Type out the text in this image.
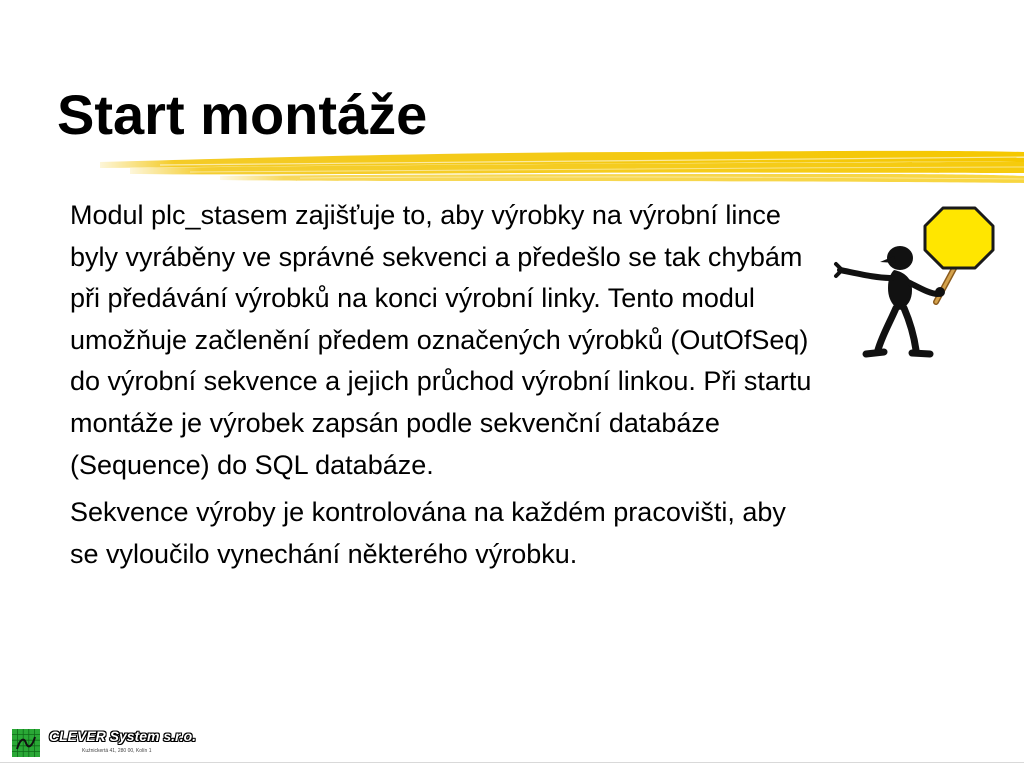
Start montáže

Modul plc_stasem zajišťuje to, aby výrobky na výrobní lince byly vyráběny ve správné sekvenci a předešlo se tak chybám při předávání výrobků na konci výrobní linky. Tento modul umožňuje začlenění předem označených výrobků (OutOfSeq) do výrobní sekvence a jejich průchod výrobní linkou. Při startu montáže je výrobek zapsán podle sekvenční databáze (Sequence) do SQL databáze.

Sekvence výroby je kontrolována na každém pracovišti, aby se vyloučilo vynechání některého výrobku.

CLEVER System s.r.o.
Kuźnickertá 41, 280 00, Kolín 1
